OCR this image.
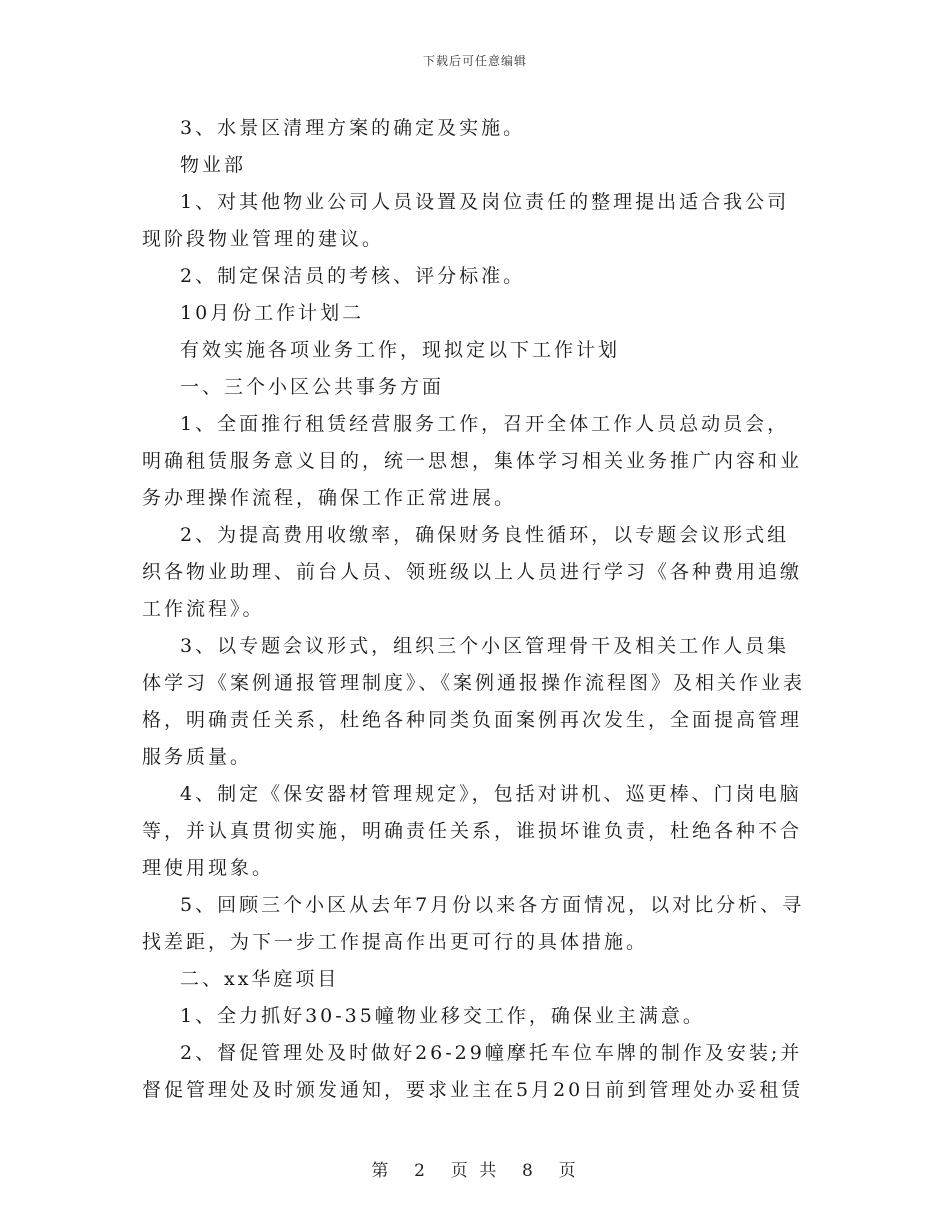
下载后可任意编辑

3、水景区清理方案的确定及实施。

物业部

1、对其他物业公司人员设置及岗位责任的整理提出适合我公司现阶段物业管理的建议。

2、制定保洁员的考核、评分标准。

10月份工作计划二

有效实施各项业务工作，现拟定以下工作计划

一、三个小区公共事务方面

1、全面推行租赁经营服务工作，召开全体工作人员总动员会，明确租赁服务意义目的，统一思想，集体学习相关业务推广内容和业务办理操作流程，确保工作正常进展。

2、为提高费用收缴率，确保财务良性循环，以专题会议形式组织各物业助理、前台人员、领班级以上人员进行学习《各种费用追缴工作流程》。

3、以专题会议形式，组织三个小区管理骨干及相关工作人员集体学习《案例通报管理制度》、《案例通报操作流程图》及相关作业表格，明确责任关系，杜绝各种同类负面案例再次发生，全面提高管理服务质量。

4、制定《保安器材管理规定》，包括对讲机、巡更棒、门岗电脑等，并认真贯彻实施，明确责任关系，谁损坏谁负责，杜绝各种不合理使用现象。

5、回顾三个小区从去年7月份以来各方面情况，以对比分析、寻找差距，为下一步工作提高作出更可行的具体措施。

二、xx华庭项目

1、全力抓好30-35幢物业移交工作，确保业主满意。

2、督促管理处及时做好26-29幢摩托车位车牌的制作及安装;并督促管理处及时颁发通知，要求业主在5月20日前到管理处办妥租赁

第 2 页 共 8 页
